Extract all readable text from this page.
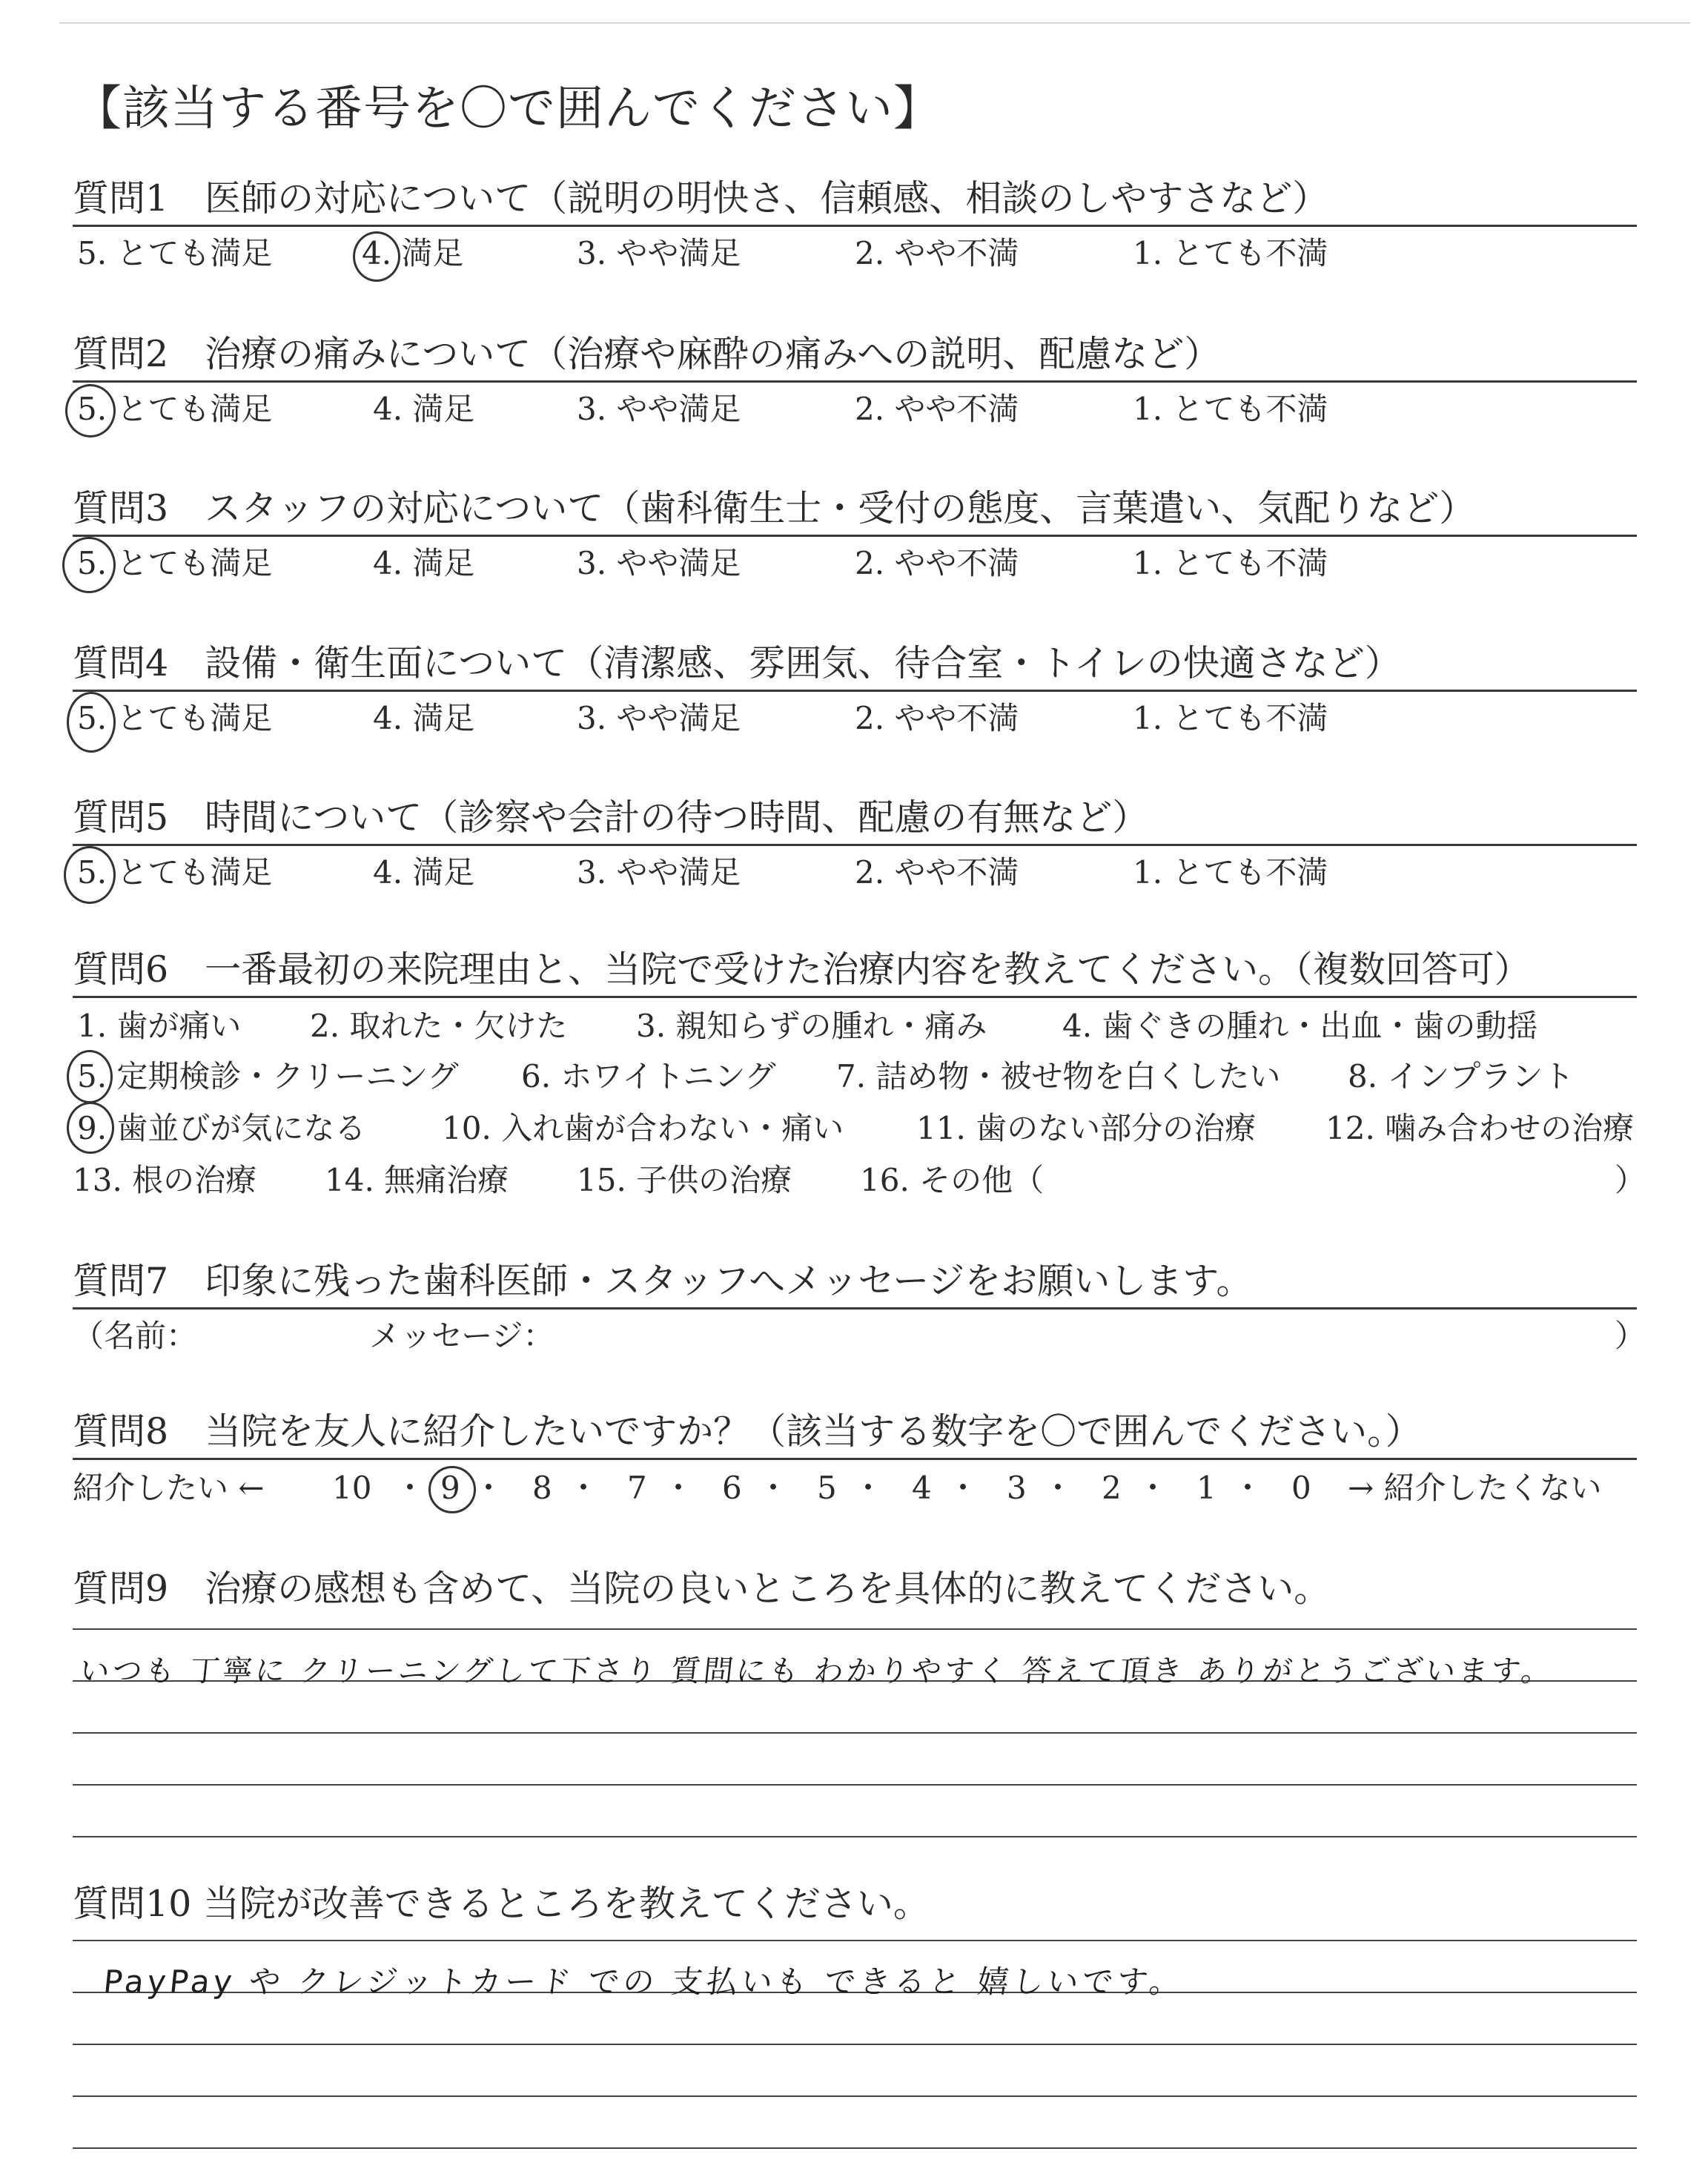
【該当する番号を〇で囲んでください】
質問1　医師の対応について（説明の明快さ、信頼感、相談のしやすさなど）
5. とても満足	4. 満足	3. やや満足	2. やや不満	1. とても不満
質問2　治療の痛みについて（治療や麻酔の痛みへの説明、配慮など）
5. とても満足	4. 満足	3. やや満足	2. やや不満	1. とても不満
質問3　スタッフの対応について（歯科衛生士・受付の態度、言葉遣い、気配りなど）
5. とても満足	4. 満足	3. やや満足	2. やや不満	1. とても不満
質問4　設備・衛生面について（清潔感、雰囲気、待合室・トイレの快適さなど）
5. とても満足	4. 満足	3. やや満足	2. やや不満	1. とても不満
質問5　時間について（診察や会計の待つ時間、配慮の有無など）
5. とても満足	4. 満足	3. やや満足	2. やや不満	1. とても不満
質問6　一番最初の来院理由と、当院で受けた治療内容を教えてください。（複数回答可）
1. 歯が痛い 2. 取れた・欠けた 3. 親知らずの腫れ・痛み 4. 歯ぐきの腫れ・出血・歯の動揺
5. 定期検診・クリーニング 6. ホワイトニング 7. 詰め物・被せ物を白くしたい 8. インプラント
9. 歯並びが気になる 10. 入れ歯が合わない・痛い 11. 歯のない部分の治療 12. 噛み合わせの治療
13. 根の治療 14. 無痛治療 15. 子供の治療 16. その他（	）
質問7　印象に残った歯科医師・スタッフへメッセージをお願いします。
（名前：	メッセージ：	）
質問8　当院を友人に紹介したいですか？（該当する数字を〇で囲んでください。）
紹介したい ← 10 ・ 9 ・ 8 ・ 7 ・ 6 ・ 5 ・ 4 ・ 3 ・ 2 ・ 1 ・ 0 → 紹介したくない
質問9　治療の感想も含めて、当院の良いところを具体的に教えてください。
いつも 丁寧に クリーニングして下さり 質問にも わかりやすく 答えて頂き ありがとうございます。
質問10 当院が改善できるところを教えてください。
PayPay や クレジットカード での 支払いも できると 嬉しいです。
